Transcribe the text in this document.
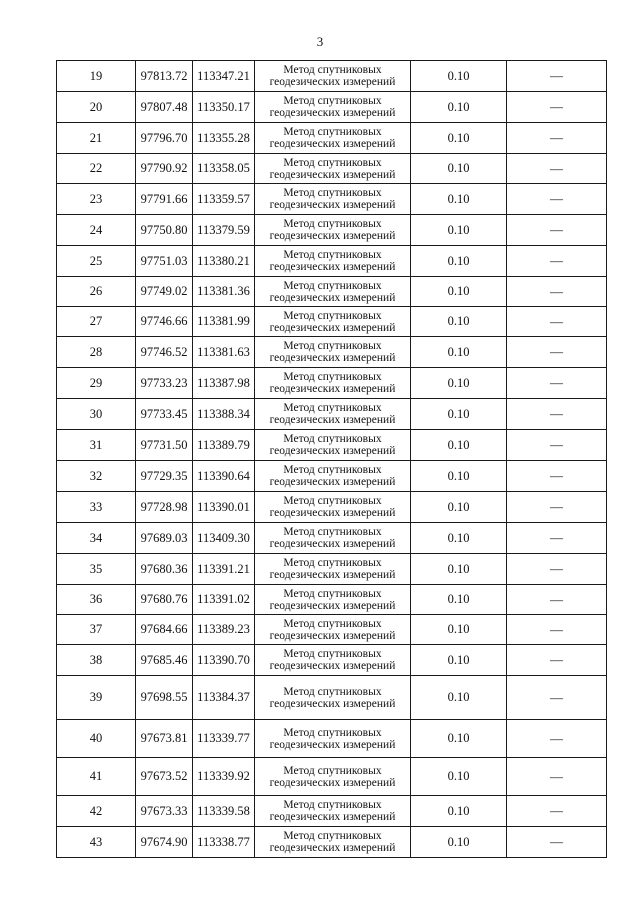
3
19	97813.72	113347.21	Метод спутниковых
геодезических измерений	0.10	—
20	97807.48	113350.17	Метод спутниковых
геодезических измерений	0.10	—
21	97796.70	113355.28	Метод спутниковых
геодезических измерений	0.10	—
22	97790.92	113358.05	Метод спутниковых
геодезических измерений	0.10	—
23	97791.66	113359.57	Метод спутниковых
геодезических измерений	0.10	—
24	97750.80	113379.59	Метод спутниковых
геодезических измерений	0.10	—
25	97751.03	113380.21	Метод спутниковых
геодезических измерений	0.10	—
26	97749.02	113381.36	Метод спутниковых
геодезических измерений	0.10	—
27	97746.66	113381.99	Метод спутниковых
геодезических измерений	0.10	—
28	97746.52	113381.63	Метод спутниковых
геодезических измерений	0.10	—
29	97733.23	113387.98	Метод спутниковых
геодезических измерений	0.10	—
30	97733.45	113388.34	Метод спутниковых
геодезических измерений	0.10	—
31	97731.50	113389.79	Метод спутниковых
геодезических измерений	0.10	—
32	97729.35	113390.64	Метод спутниковых
геодезических измерений	0.10	—
33	97728.98	113390.01	Метод спутниковых
геодезических измерений	0.10	—
34	97689.03	113409.30	Метод спутниковых
геодезических измерений	0.10	—
35	97680.36	113391.21	Метод спутниковых
геодезических измерений	0.10	—
36	97680.76	113391.02	Метод спутниковых
геодезических измерений	0.10	—
37	97684.66	113389.23	Метод спутниковых
геодезических измерений	0.10	—
38	97685.46	113390.70	Метод спутниковых
геодезических измерений	0.10	—
39	97698.55	113384.37	Метод спутниковых
геодезических измерений	0.10	—
40	97673.81	113339.77	Метод спутниковых
геодезических измерений	0.10	—
41	97673.52	113339.92	Метод спутниковых
геодезических измерений	0.10	—
42	97673.33	113339.58	Метод спутниковых
геодезических измерений	0.10	—
43	97674.90	113338.77	Метод спутниковых
геодезических измерений	0.10	—
